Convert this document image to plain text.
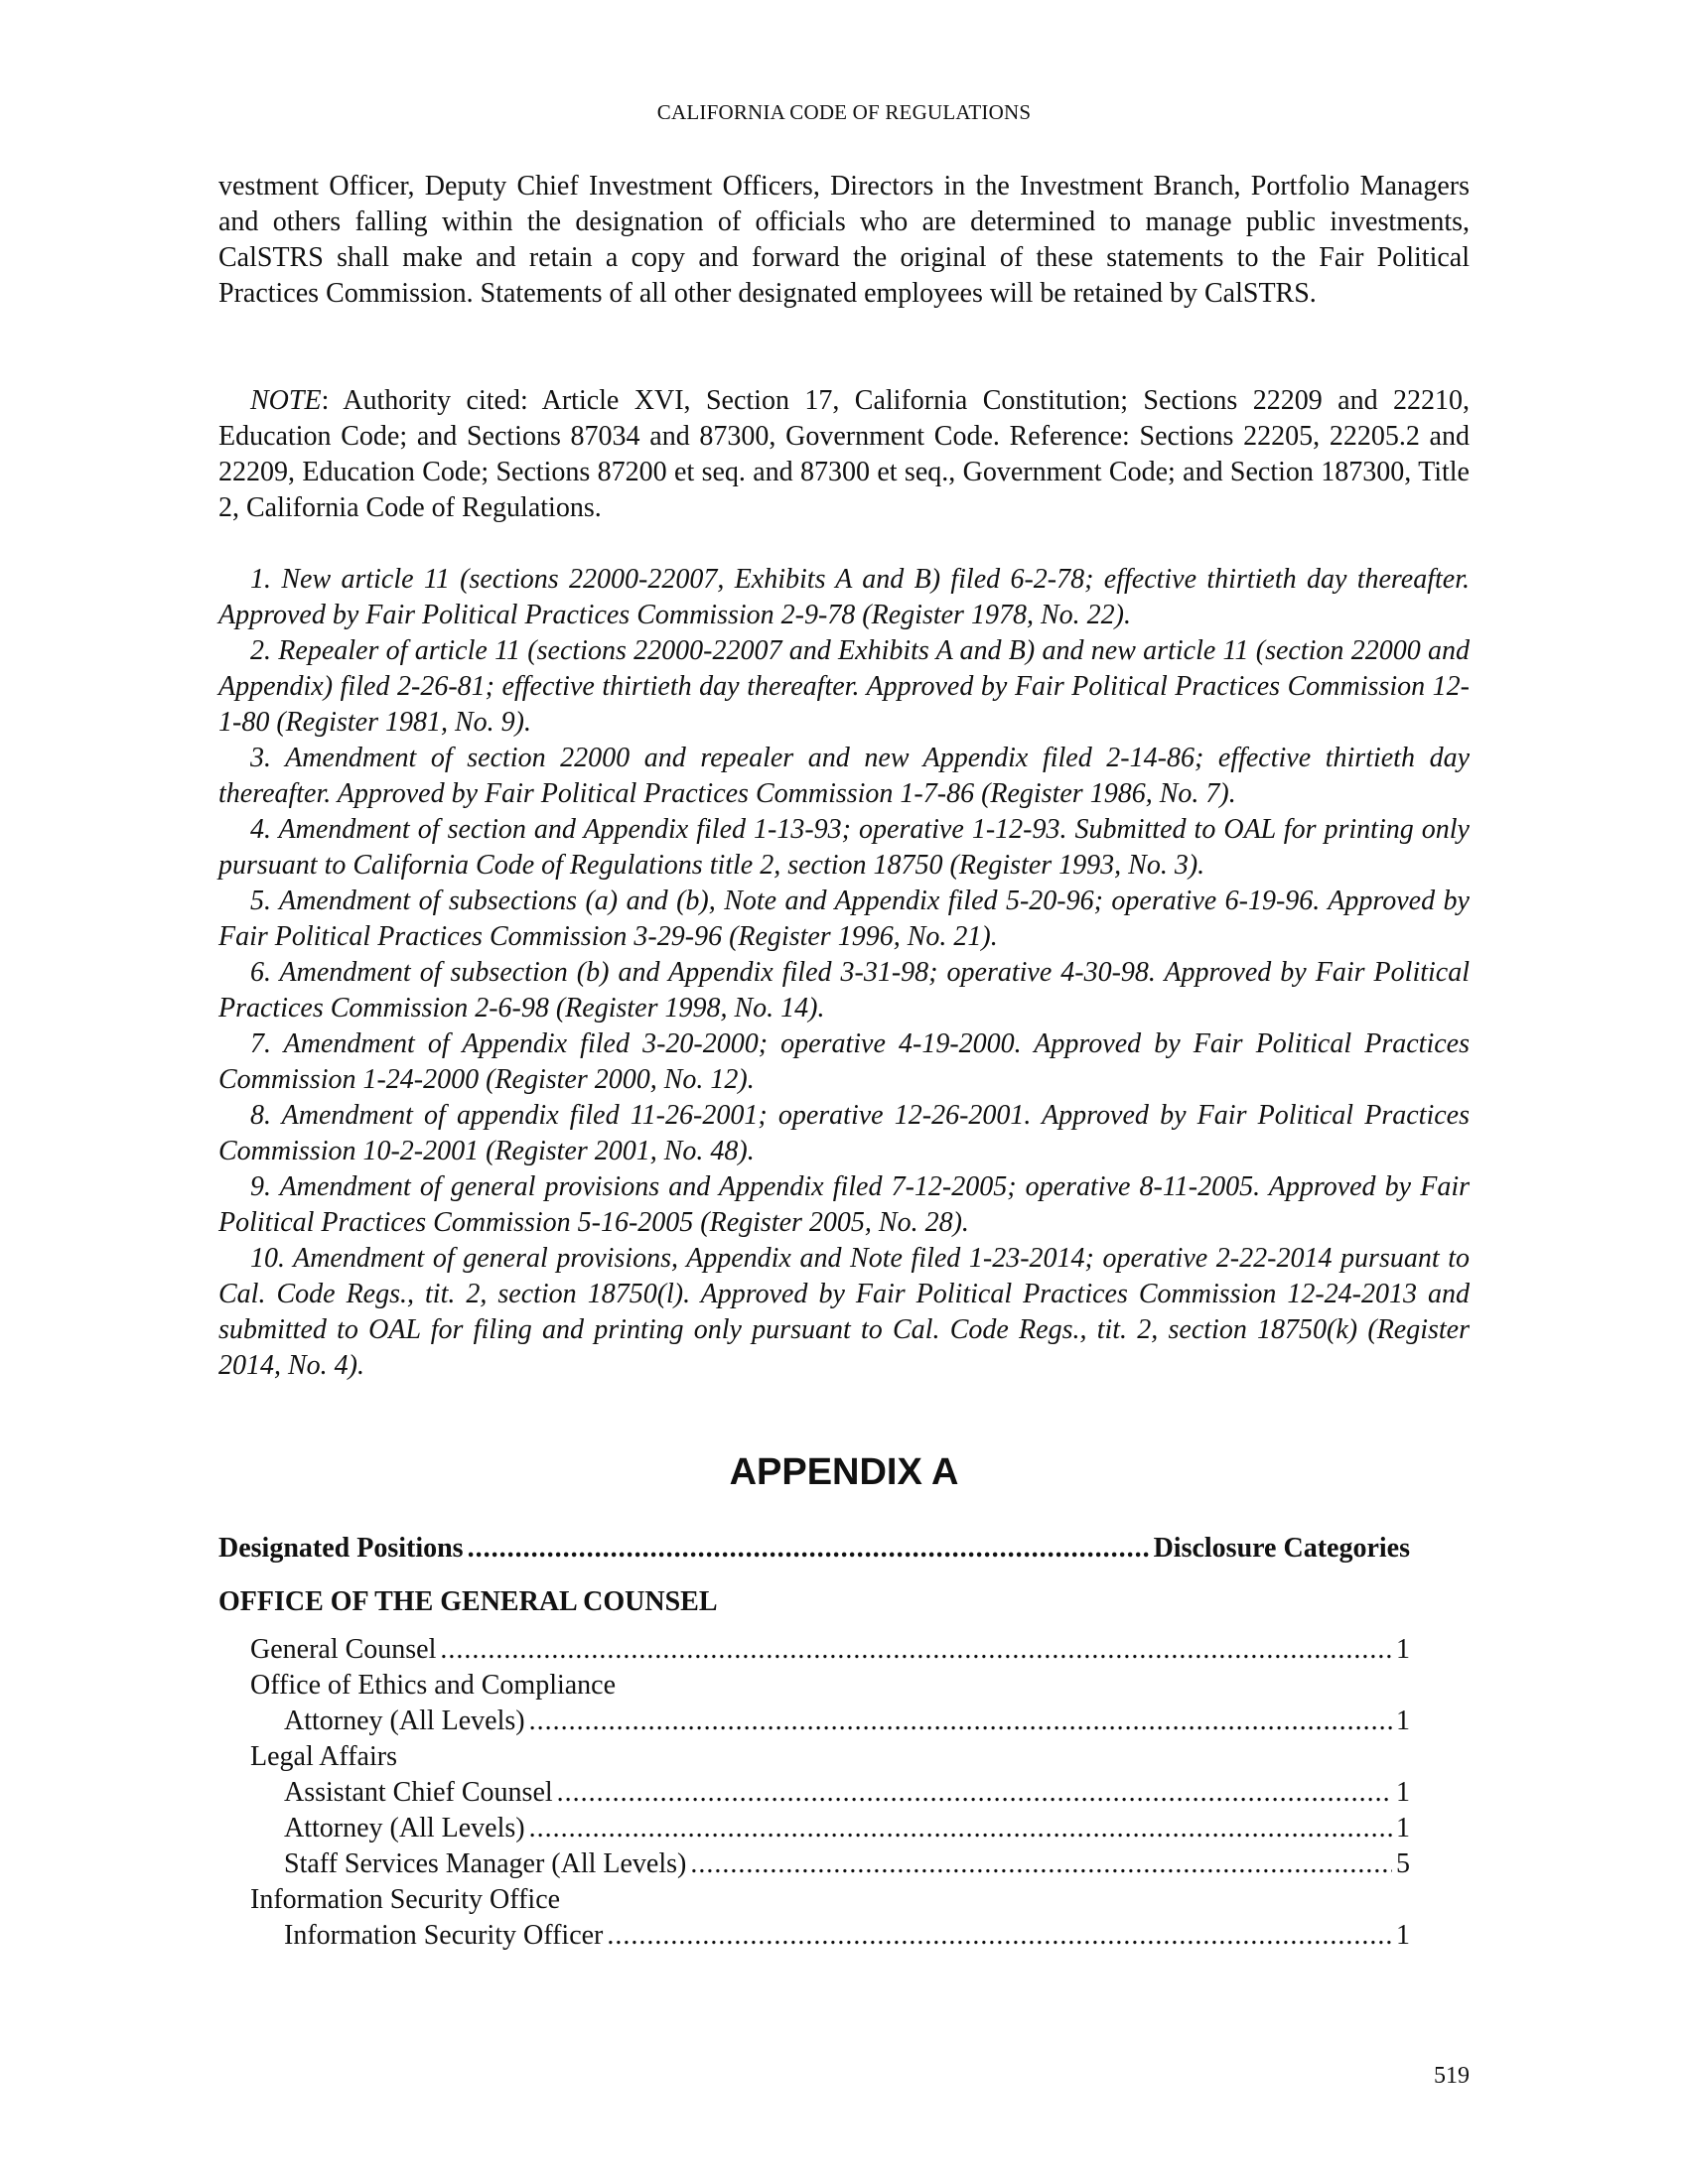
CALIFORNIA CODE OF REGULATIONS

vestment Officer, Deputy Chief Investment Officers, Directors in the Investment Branch, Portfolio Managers and others falling within the designation of officials who are determined to manage public investments, CalSTRS shall make and retain a copy and forward the original of these statements to the Fair Political Practices Commission. Statements of all other designated employees will be retained by CalSTRS.

NOTE: Authority cited: Article XVI, Section 17, California Constitution; Sections 22209 and 22210, Education Code; and Sections 87034 and 87300, Government Code. Reference: Sections 22205, 22205.2 and 22209, Education Code; Sections 87200 et seq. and 87300 et seq., Government Code; and Section 187300, Title 2, California Code of Regulations.

1. New article 11 (sections 22000-22007, Exhibits A and B) filed 6-2-78; effective thirtieth day thereafter. Approved by Fair Political Practices Commission 2-9-78 (Register 1978, No. 22).

2. Repealer of article 11 (sections 22000-22007 and Exhibits A and B) and new article 11 (section 22000 and Appendix) filed 2-26-81; effective thirtieth day thereafter. Approved by Fair Political Practices Commission 12-1-80 (Register 1981, No. 9).

3. Amendment of section 22000 and repealer and new Appendix filed 2-14-86; effective thirtieth day thereafter. Approved by Fair Political Practices Commission 1-7-86 (Register 1986, No. 7).

4. Amendment of section and Appendix filed 1-13-93; operative 1-12-93. Submitted to OAL for printing only pursuant to California Code of Regulations title 2, section 18750 (Register 1993, No. 3).

5. Amendment of subsections (a) and (b), Note and Appendix filed 5-20-96; operative 6-19-96. Approved by Fair Political Practices Commission 3-29-96 (Register 1996, No. 21).

6. Amendment of subsection (b) and Appendix filed 3-31-98; operative 4-30-98. Approved by Fair Political Practices Commission 2-6-98 (Register 1998, No. 14).

7. Amendment of Appendix filed 3-20-2000; operative 4-19-2000. Approved by Fair Political Practices Commission 1-24-2000 (Register 2000, No. 12).

8. Amendment of appendix filed 11-26-2001; operative 12-26-2001. Approved by Fair Political Practices Commission 10-2-2001 (Register 2001, No. 48).

9. Amendment of general provisions and Appendix filed 7-12-2005; operative 8-11-2005. Approved by Fair Political Practices Commission 5-16-2005 (Register 2005, No. 28).

10. Amendment of general provisions, Appendix and Note filed 1-23-2014; operative 2-22-2014 pursuant to Cal. Code Regs., tit. 2, section 18750(l). Approved by Fair Political Practices Commission 12-24-2013 and submitted to OAL for filing and printing only pursuant to Cal. Code Regs., tit. 2, section 18750(k) (Register 2014, No. 4).

APPENDIX A
Designated Positions .....	Disclosure Categories
OFFICE OF THE GENERAL COUNSEL
General Counsel .....	1
Office of Ethics and Compliance
Attorney (All Levels) .....	1
Legal Affairs
Assistant Chief Counsel .....	1
Attorney (All Levels) .....	1
Staff Services Manager (All Levels) .....	5
Information Security Office
Information Security Officer .....	1
519
